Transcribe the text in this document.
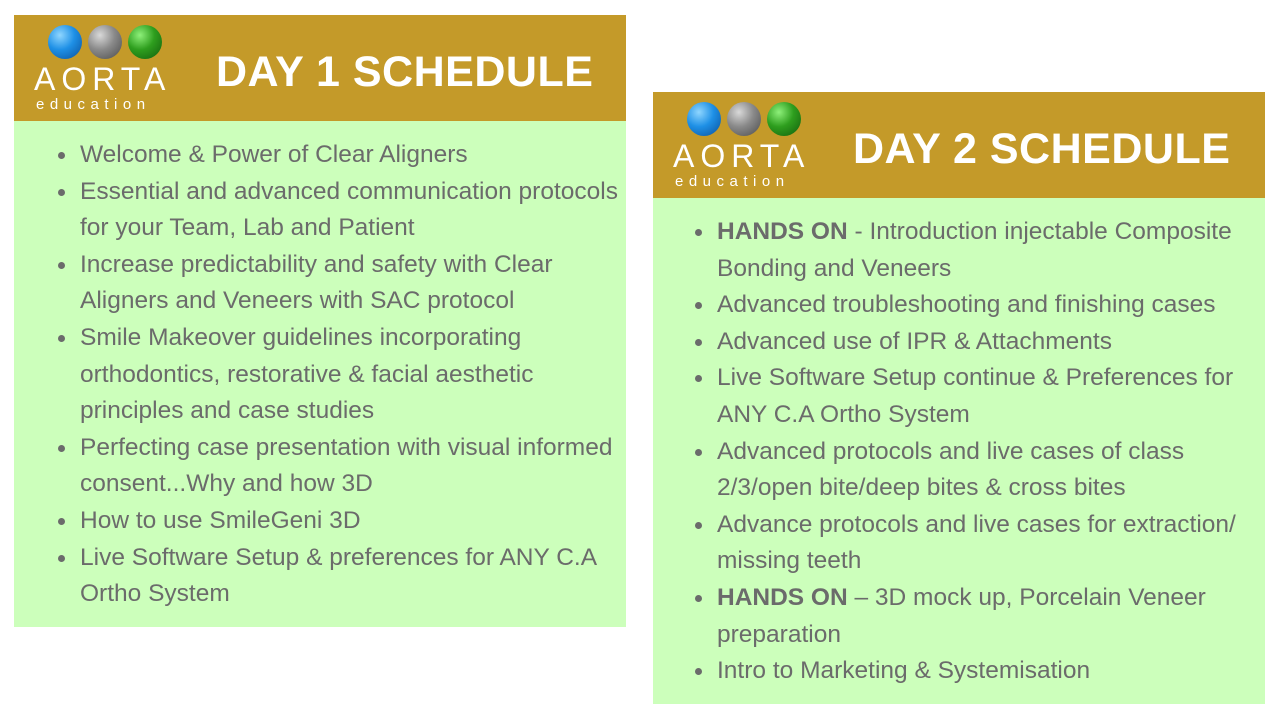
AORTA
education
DAY 1 SCHEDULE
Welcome & Power of Clear Aligners
Essential and advanced communication protocols for your Team, Lab and Patient
Increase predictability and safety with Clear Aligners and Veneers with SAC protocol
Smile Makeover guidelines incorporating orthodontics, restorative & facial aesthetic principles and case studies
Perfecting case presentation with visual informed consent...Why and how 3D
How to use SmileGeni 3D
Live Software Setup & preferences for ANY C.A Ortho System
AORTA
education
DAY 2 SCHEDULE
HANDS ON - Introduction injectable Composite Bonding and Veneers
Advanced troubleshooting and finishing cases
Advanced use of IPR & Attachments
Live Software Setup continue & Preferences for ANY C.A Ortho System
Advanced protocols and live cases of class 2/3/open bite/deep bites & cross bites
Advance protocols and live cases for extraction/ missing teeth
HANDS ON – 3D mock up, Porcelain Veneer preparation
Intro to Marketing & Systemisation
